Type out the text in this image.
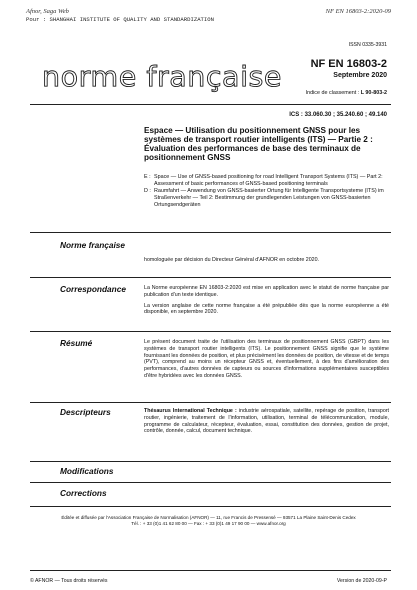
Afnor, Saga Web
Pour : SHANGHAI INSTITUTE OF QUALITY AND STANDARDIZATION
NF EN 16803-2:2020-09
ISSN 0335-3931
norme française	NF EN 16803-2
Septembre 2020
Indice de classement : L 90-803-2
ICS : 33.060.30 ; 35.240.60 ; 49.140
Espace — Utilisation du positionnement GNSS pour les systèmes de transport routier intelligents (ITS) — Partie 2 : Évaluation des performances de base des terminaux de positionnement GNSS
E : Space — Use of GNSS-based positioning for road Intelligent Transport Systems (ITS) — Part 2: Assessment of basic performances of GNSS-based positioning terminals
D : Raumfahrt — Anwendung von GNSS-basierter Ortung für Intelligente Transportsysteme (ITS) im Straßenverkehr — Teil 2: Bestimmung der grundlegenden Leistungen von GNSS-basierten Ortungsendgeräten
Norme française
homologuée par décision du Directeur Général d'AFNOR en octobre 2020.
Correspondance	La Norme européenne EN 16803-2:2020 est mise en application avec le statut de norme française par publication d'un texte identique.

La version anglaise de cette norme française a été prépubliée dès que la norme européenne a été disponible, en septembre 2020.

Résumé	Le présent document traite de l'utilisation des terminaux de positionnement GNSS (GBPT) dans les systèmes de transport routier intelligents (ITS). Le positionnement GNSS signifie que le système fournissant les données de position, et plus précisément les données de position, de vitesse et de temps (PVT), comprend au moins un récepteur GNSS et, éventuellement, à des fins d'amélioration des performances, d'autres données de capteurs ou sources d'informations supplémentaires susceptibles d'être hybridées avec les données GNSS.
Descripteurs	Thésaurus International Technique : industrie aérospatiale, satellite, repérage de position, transport routier, ingénierie, traitement de l'information, utilisation, terminal de télécommunication, module, programme de calculateur, récepteur, évaluation, essai, constitution des données, gestion de projet, contrôle, donnée, calcul, document technique.
Modifications
Corrections
Éditée et diffusée par l'Association Française de Normalisation (AFNOR) — 11, rue Francis de Pressensé — 93571 La Plaine Saint-Denis Cedex
Tél. : + 33 (0)1 41 62 80 00 — Fax : + 33 (0)1 49 17 90 00 — www.afnor.org
© AFNOR — Tous droits réservés	Version de 2020-09-P
